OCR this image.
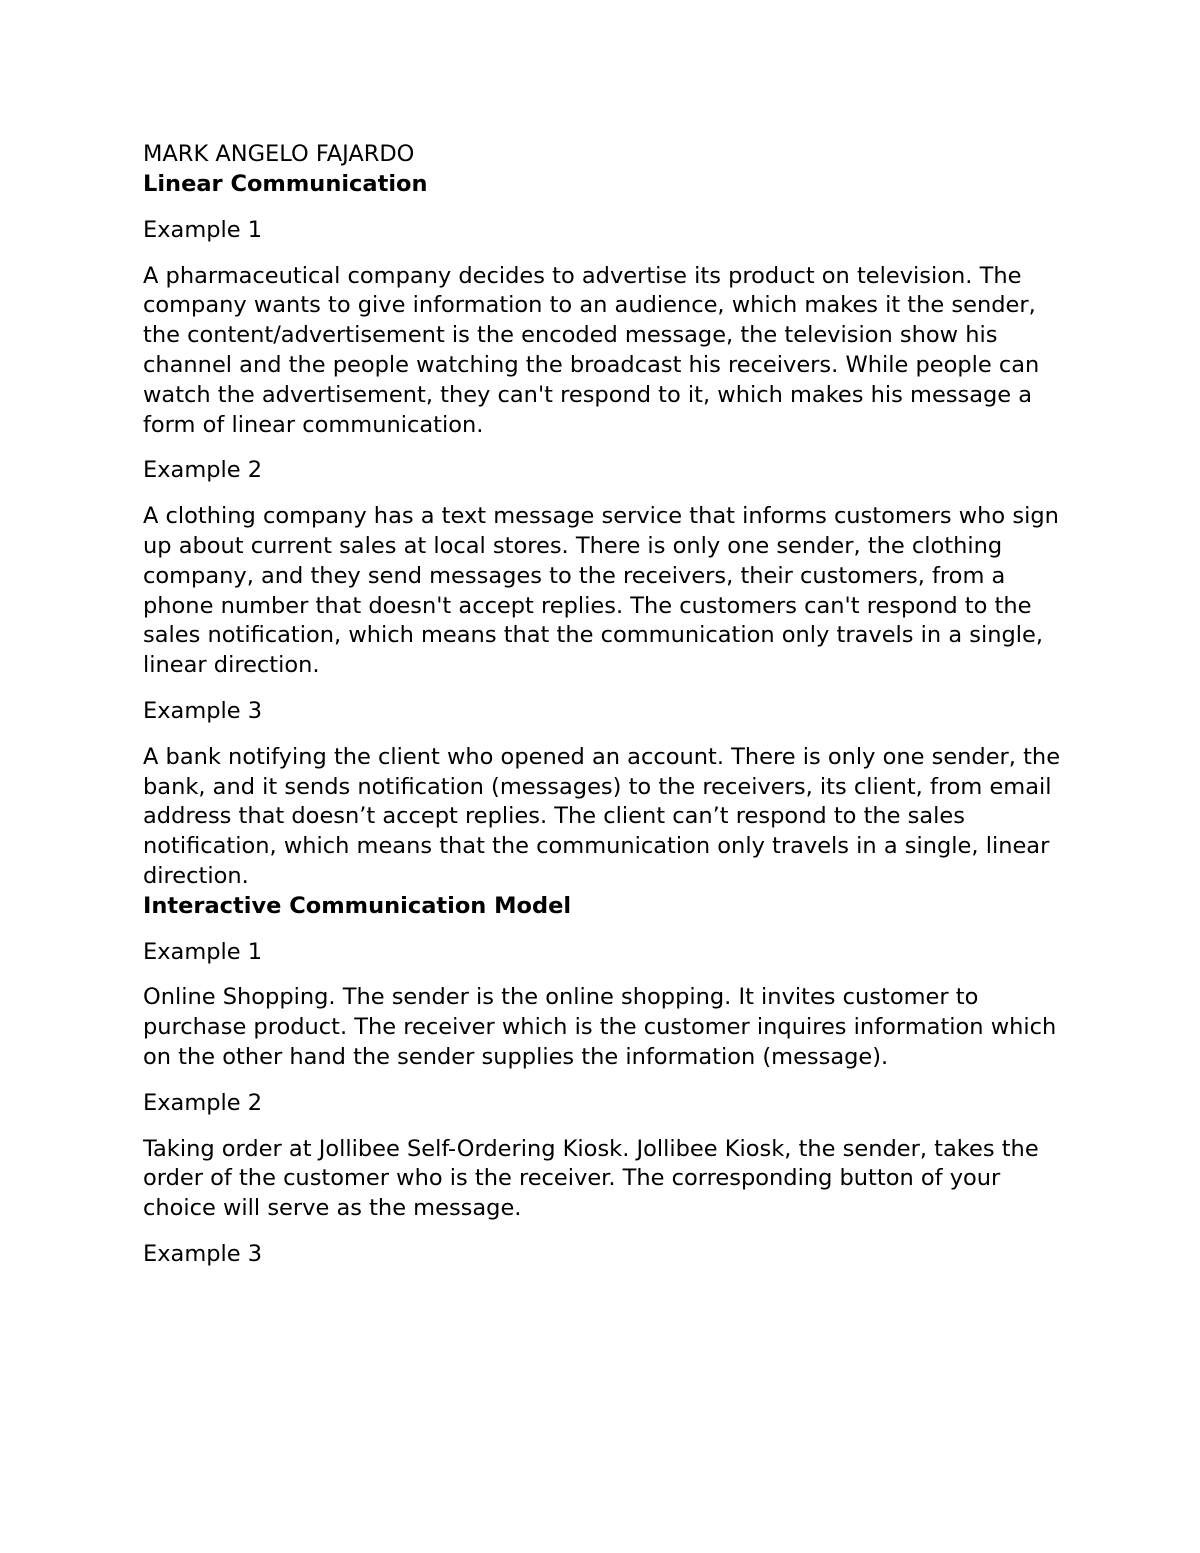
MARK ANGELO FAJARDO

Linear Communication

Example 1

A pharmaceutical company decides to advertise its product on television. The company wants to give information to an audience, which makes it the sender, the content/advertisement is the encoded message, the television show his channel and the people watching the broadcast his receivers. While people can watch the advertisement, they can't respond to it, which makes his message a form of linear communication.

Example 2

A clothing company has a text message service that informs customers who sign up about current sales at local stores. There is only one sender, the clothing company, and they send messages to the receivers, their customers, from a phone number that doesn't accept replies. The customers can't respond to the sales notification, which means that the communication only travels in a single, linear direction.

Example 3

A bank notifying the client who opened an account. There is only one sender, the bank, and it sends notification (messages) to the receivers, its client, from email address that doesn’t accept replies. The client can’t respond to the sales notification, which means that the communication only travels in a single, linear direction.

Interactive Communication Model

Example 1

Online Shopping. The sender is the online shopping. It invites customer to purchase product. The receiver which is the customer inquires information which on the other hand the sender supplies the information (message).

Example 2

Taking order at Jollibee Self-Ordering Kiosk. Jollibee Kiosk, the sender, takes the order of the customer who is the receiver. The corresponding button of your choice will serve as the message.

Example 3
